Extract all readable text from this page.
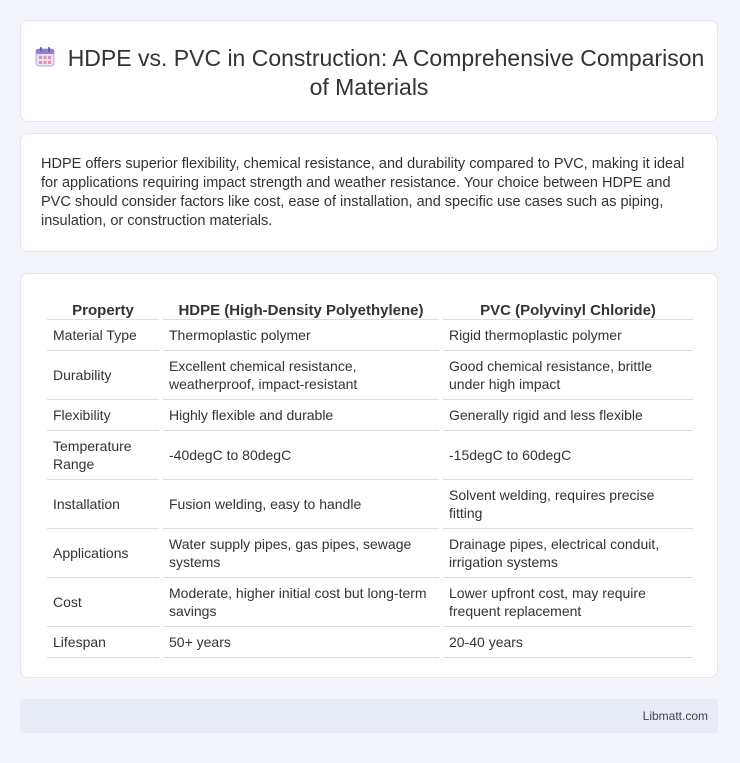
HDPE vs. PVC in Construction: A Comprehensive Comparison of Materials
HDPE offers superior flexibility, chemical resistance, and durability compared to PVC, making it ideal for applications requiring impact strength and weather resistance. Your choice between HDPE and PVC should consider factors like cost, ease of installation, and specific use cases such as piping, insulation, or construction materials.
Property	HDPE (High-Density Polyethylene)	PVC (Polyvinyl Chloride)
Material Type	Thermoplastic polymer	Rigid thermoplastic polymer
Durability	Excellent chemical resistance, weatherproof, impact-resistant	Good chemical resistance, brittle under high impact
Flexibility	Highly flexible and durable	Generally rigid and less flexible
Temperature Range	-40degC to 80degC	-15degC to 60degC
Installation	Fusion welding, easy to handle	Solvent welding, requires precise fitting
Applications	Water supply pipes, gas pipes, sewage systems	Drainage pipes, electrical conduit, irrigation systems
Cost	Moderate, higher initial cost but long-term savings	Lower upfront cost, may require frequent replacement
Lifespan	50+ years	20-40 years
Libmatt.com
